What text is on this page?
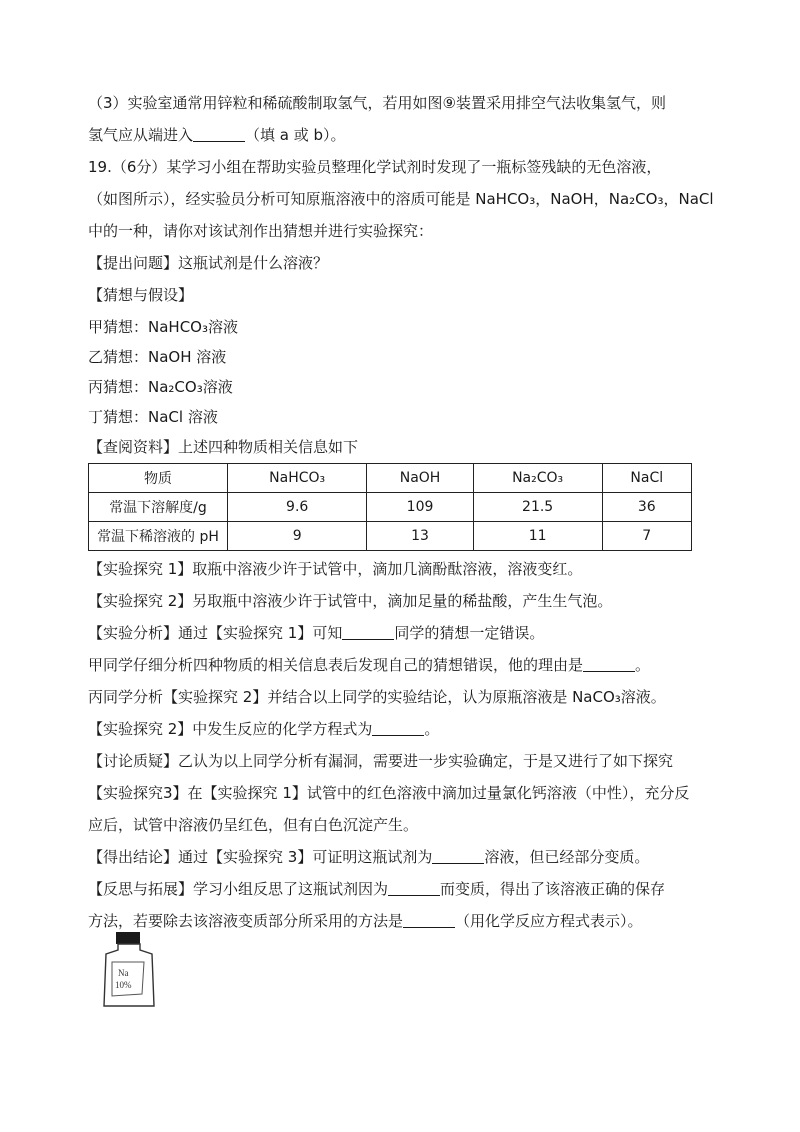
（3）实验室通常用锌粒和稀硫酸制取氢气，若用如图⑨装置采用排空气法收集氢气，则
氢气应从端进入	（填 a 或 b）。
19.（6分）某学习小组在帮助实验员整理化学试剂时发现了一瓶标签残缺的无色溶液，
（如图所示），经实验员分析可知原瓶溶液中的溶质可能是 NaHCO₃，NaOH，Na₂CO₃，NaCl
中的一种，请你对该试剂作出猜想并进行实验探究：
【提出问题】这瓶试剂是什么溶液？
【猜想与假设】
甲猜想：NaHCO₃溶液
乙猜想：NaOH 溶液
丙猜想：Na₂CO₃溶液
丁猜想：NaCl 溶液
【查阅资料】上述四种物质相关信息如下
物质	NaHCO₃	NaOH	Na₂CO₃	NaCl
常温下溶解度/g	9.6	109	21.5	36
常温下稀溶液的 pH	9	13	11	7
【实验探究 1】取瓶中溶液少许于试管中，滴加几滴酚酞溶液，溶液变红。
【实验探究 2】另取瓶中溶液少许于试管中，滴加足量的稀盐酸，产生生气泡。
【实验分析】通过【实验探究 1】可知	同学的猜想一定错误。
甲同学仔细分析四种物质的相关信息表后发现自己的猜想错误，他的理由是	。
丙同学分析【实验探究 2】并结合以上同学的实验结论，认为原瓶溶液是 NaCO₃溶液。
【实验探究 2】中发生反应的化学方程式为	。
【讨论质疑】乙认为以上同学分析有漏洞，需要进一步实验确定，于是又进行了如下探究
【实验探究3】在【实验探究 1】试管中的红色溶液中滴加过量氯化钙溶液（中性），充分反
应后，试管中溶液仍呈红色，但有白色沉淀产生。
【得出结论】通过【实验探究 3】可证明这瓶试剂为	溶液，但已经部分变质。
【反思与拓展】学习小组反思了这瓶试剂因为	而变质，得出了该溶液正确的保存
方法，若要除去该溶液变质部分所采用的方法是	（用化学反应方程式表示）。
Na
10%
